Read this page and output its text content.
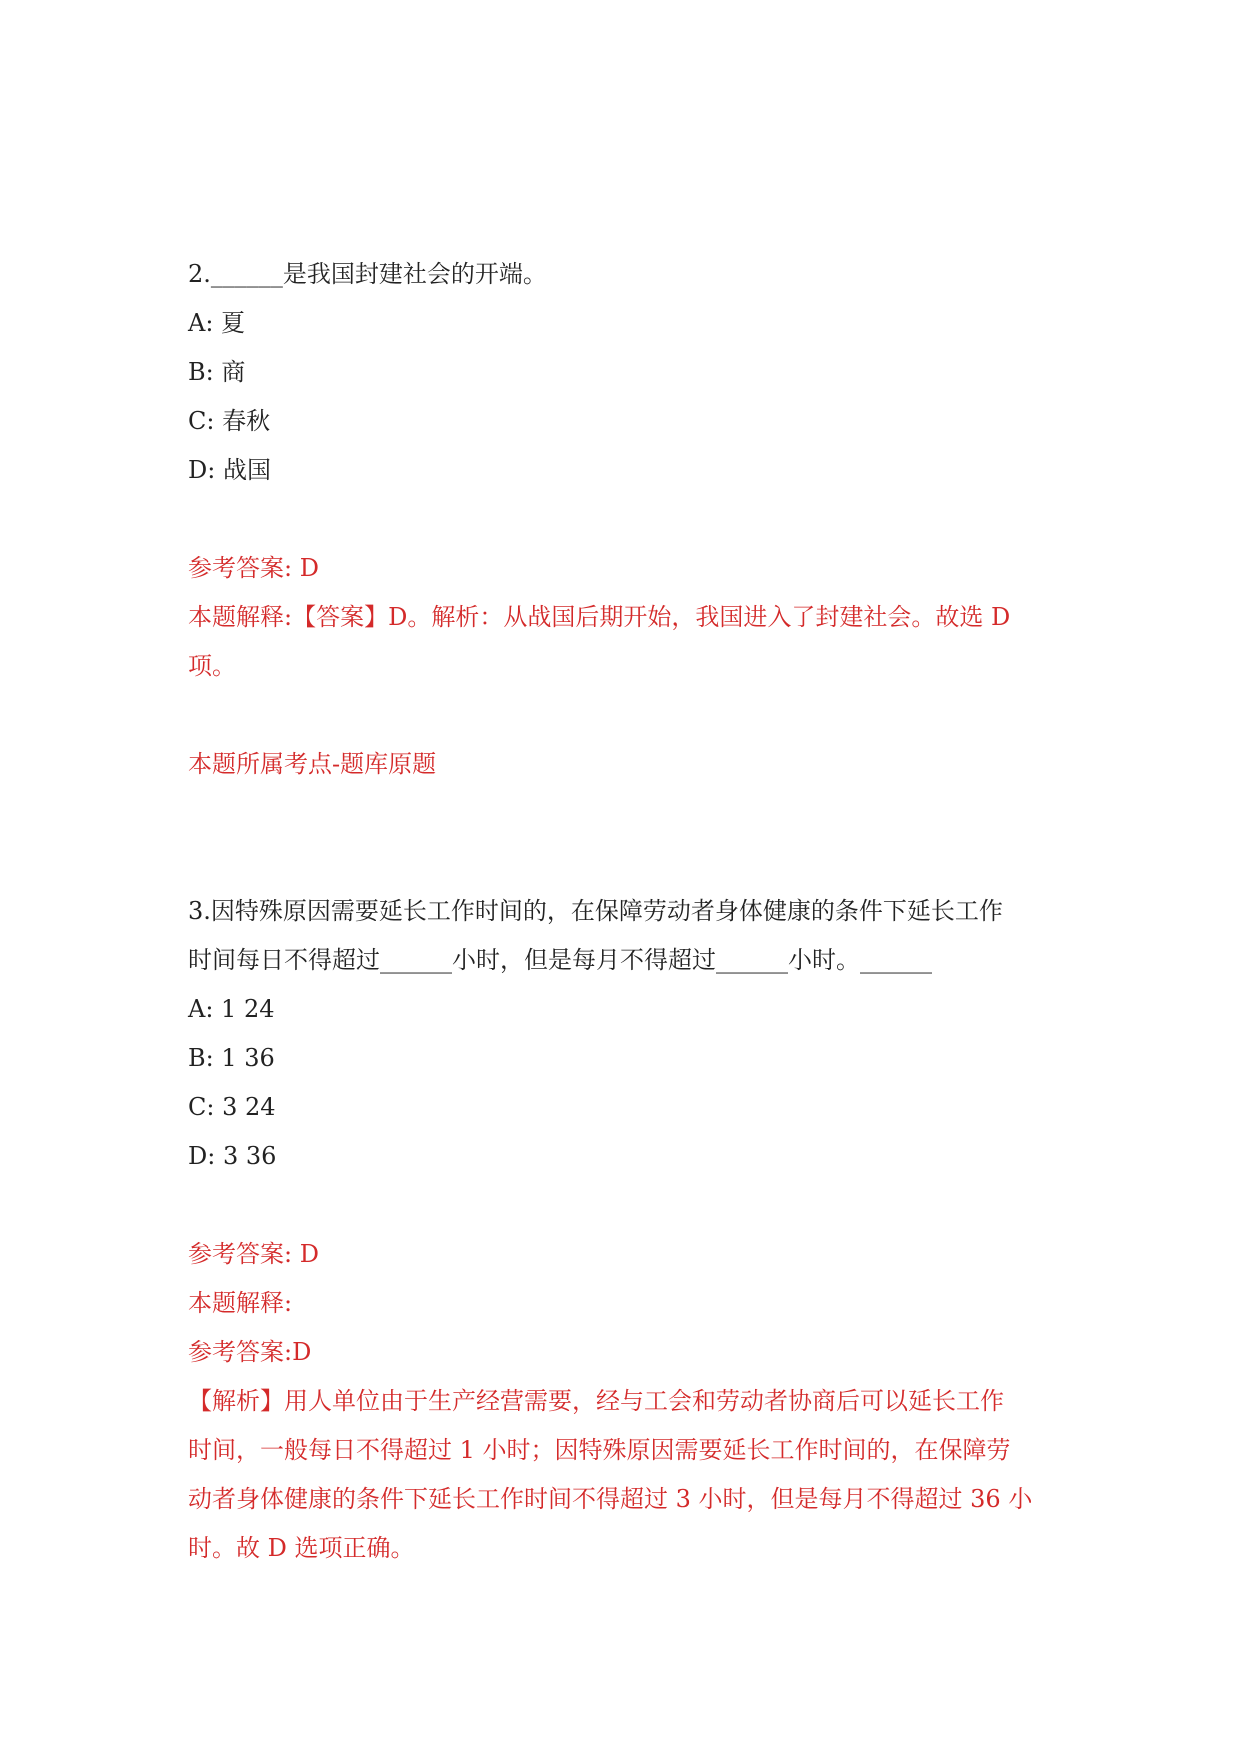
2.______是我国封建社会的开端。
A: 夏
B: 商
C: 春秋
D: 战国
参考答案: D
本题解释:【答案】D。解析：从战国后期开始，我国进入了封建社会。故选 D
项。
本题所属考点-题库原题
3.因特殊原因需要延长工作时间的，在保障劳动者身体健康的条件下延长工作
时间每日不得超过______小时，但是每月不得超过______小时。______
A: 1 24
B: 1 36
C: 3 24
D: 3 36
参考答案: D
本题解释:
参考答案:D
【解析】用人单位由于生产经营需要，经与工会和劳动者协商后可以延长工作
时间，一般每日不得超过 1 小时；因特殊原因需要延长工作时间的，在保障劳
动者身体健康的条件下延长工作时间不得超过 3 小时，但是每月不得超过 36 小
时。故 D 选项正确。
